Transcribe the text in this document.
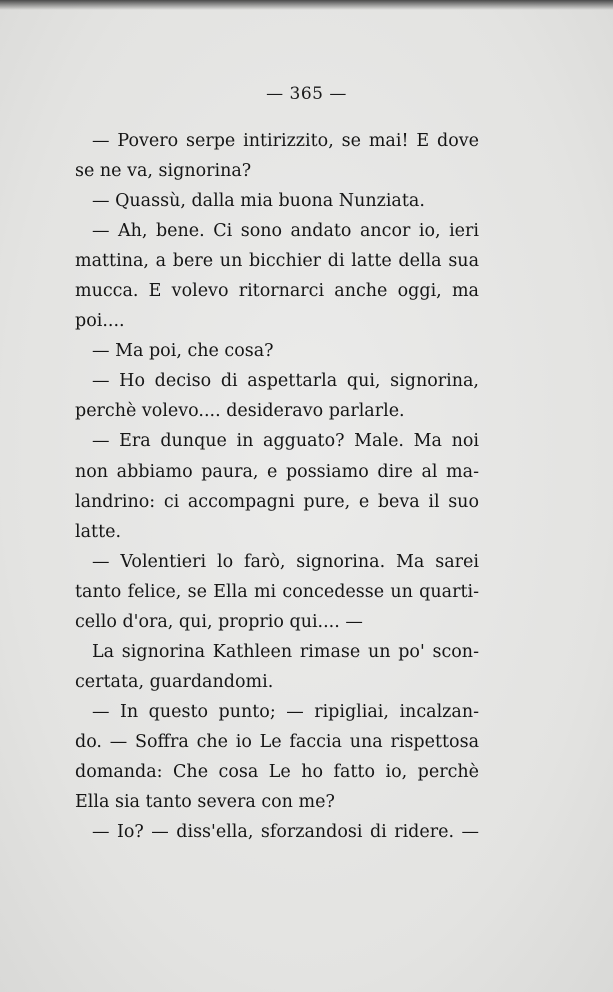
— 365 —
— Povero serpe intirizzito, se mai! E dove
se ne va, signorina?
— Quassù, dalla mia buona Nunziata.
— Ah, bene. Ci sono andato ancor io, ieri
mattina, a bere un bicchier di latte della sua
mucca. E volevo ritornarci anche oggi, ma
poi....
— Ma poi, che cosa?
— Ho deciso di aspettarla qui, signorina,
perchè volevo.... desideravo parlarle.
— Era dunque in agguato? Male. Ma noi
non abbiamo paura, e possiamo dire al ma-
landrino: ci accompagni pure, e beva il suo
latte.
— Volentieri lo farò, signorina. Ma sarei
tanto felice, se Ella mi concedesse un quarti-
cello d'ora, qui, proprio qui.... —
La signorina Kathleen rimase un po' scon-
certata, guardandomi.
— In questo punto; — ripigliai, incalzan-
do. — Soffra che io Le faccia una rispettosa
domanda: Che cosa Le ho fatto io, perchè
Ella sia tanto severa con me?
— Io? — diss'ella, sforzandosi di ridere. —
